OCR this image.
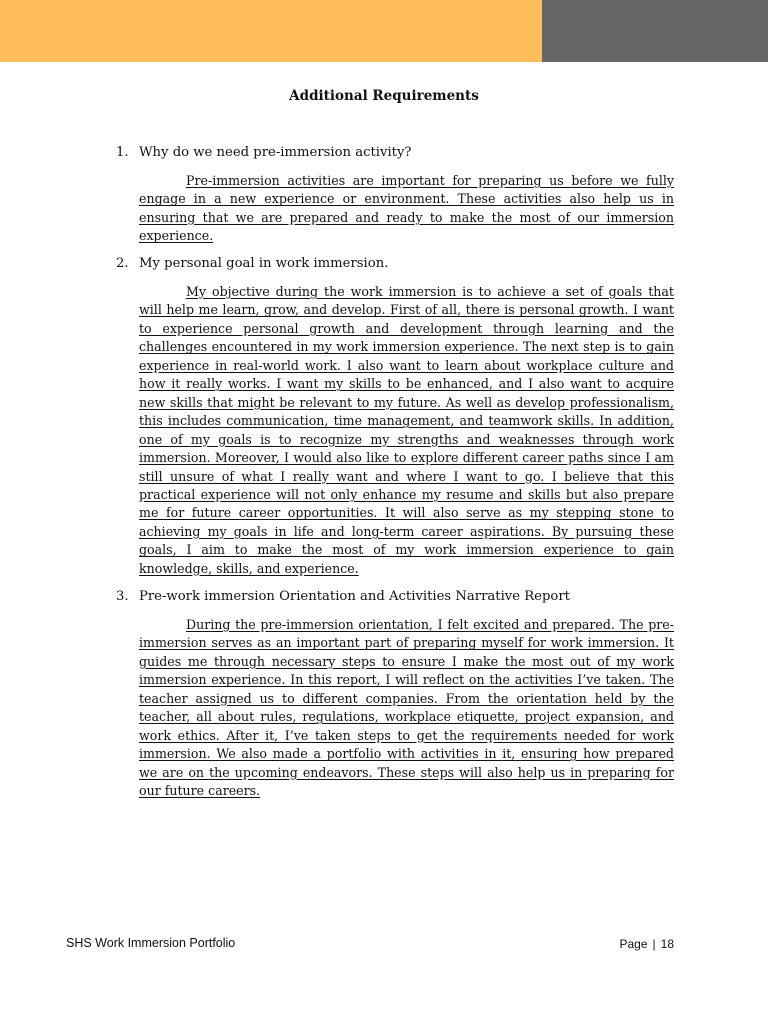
Additional Requirements
1. Why do we need pre-immersion activity?

Pre-immersion activities are important for preparing us before we fully engage in a new experience or environment. These activities also help us in ensuring that we are prepared and ready to make the most of our immersion experience.

2. My personal goal in work immersion.

My objective during the work immersion is to achieve a set of goals that will help me learn, grow, and develop. First of all, there is personal growth. I want to experience personal growth and development through learning and the challenges encountered in my work immersion experience. The next step is to gain experience in real-world work. I also want to learn about workplace culture and how it really works. I want my skills to be enhanced, and I also want to acquire new skills that might be relevant to my future. As well as develop professionalism, this includes communication, time management, and teamwork skills. In addition, one of my goals is to recognize my strengths and weaknesses through work immersion. Moreover, I would also like to explore different career paths since I am still unsure of what I really want and where I want to go. I believe that this practical experience will not only enhance my resume and skills but also prepare me for future career opportunities. It will also serve as my stepping stone to achieving my goals in life and long-term career aspirations. By pursuing these goals, I aim to make the most of my work immersion experience to gain knowledge, skills, and experience.

3. Pre-work immersion Orientation and Activities Narrative Report

During the pre-immersion orientation, I felt excited and prepared. The pre-immersion serves as an important part of preparing myself for work immersion. It guides me through necessary steps to ensure I make the most out of my work immersion experience. In this report, I will reflect on the activities I’ve taken. The teacher assigned us to different companies. From the orientation held by the teacher, all about rules, regulations, workplace etiquette, project expansion, and work ethics. After it, I’ve taken steps to get the requirements needed for work immersion. We also made a portfolio with activities in it, ensuring how prepared we are on the upcoming endeavors. These steps will also help us in preparing for our future careers.

SHS Work Immersion Portfolio	Page | 18
